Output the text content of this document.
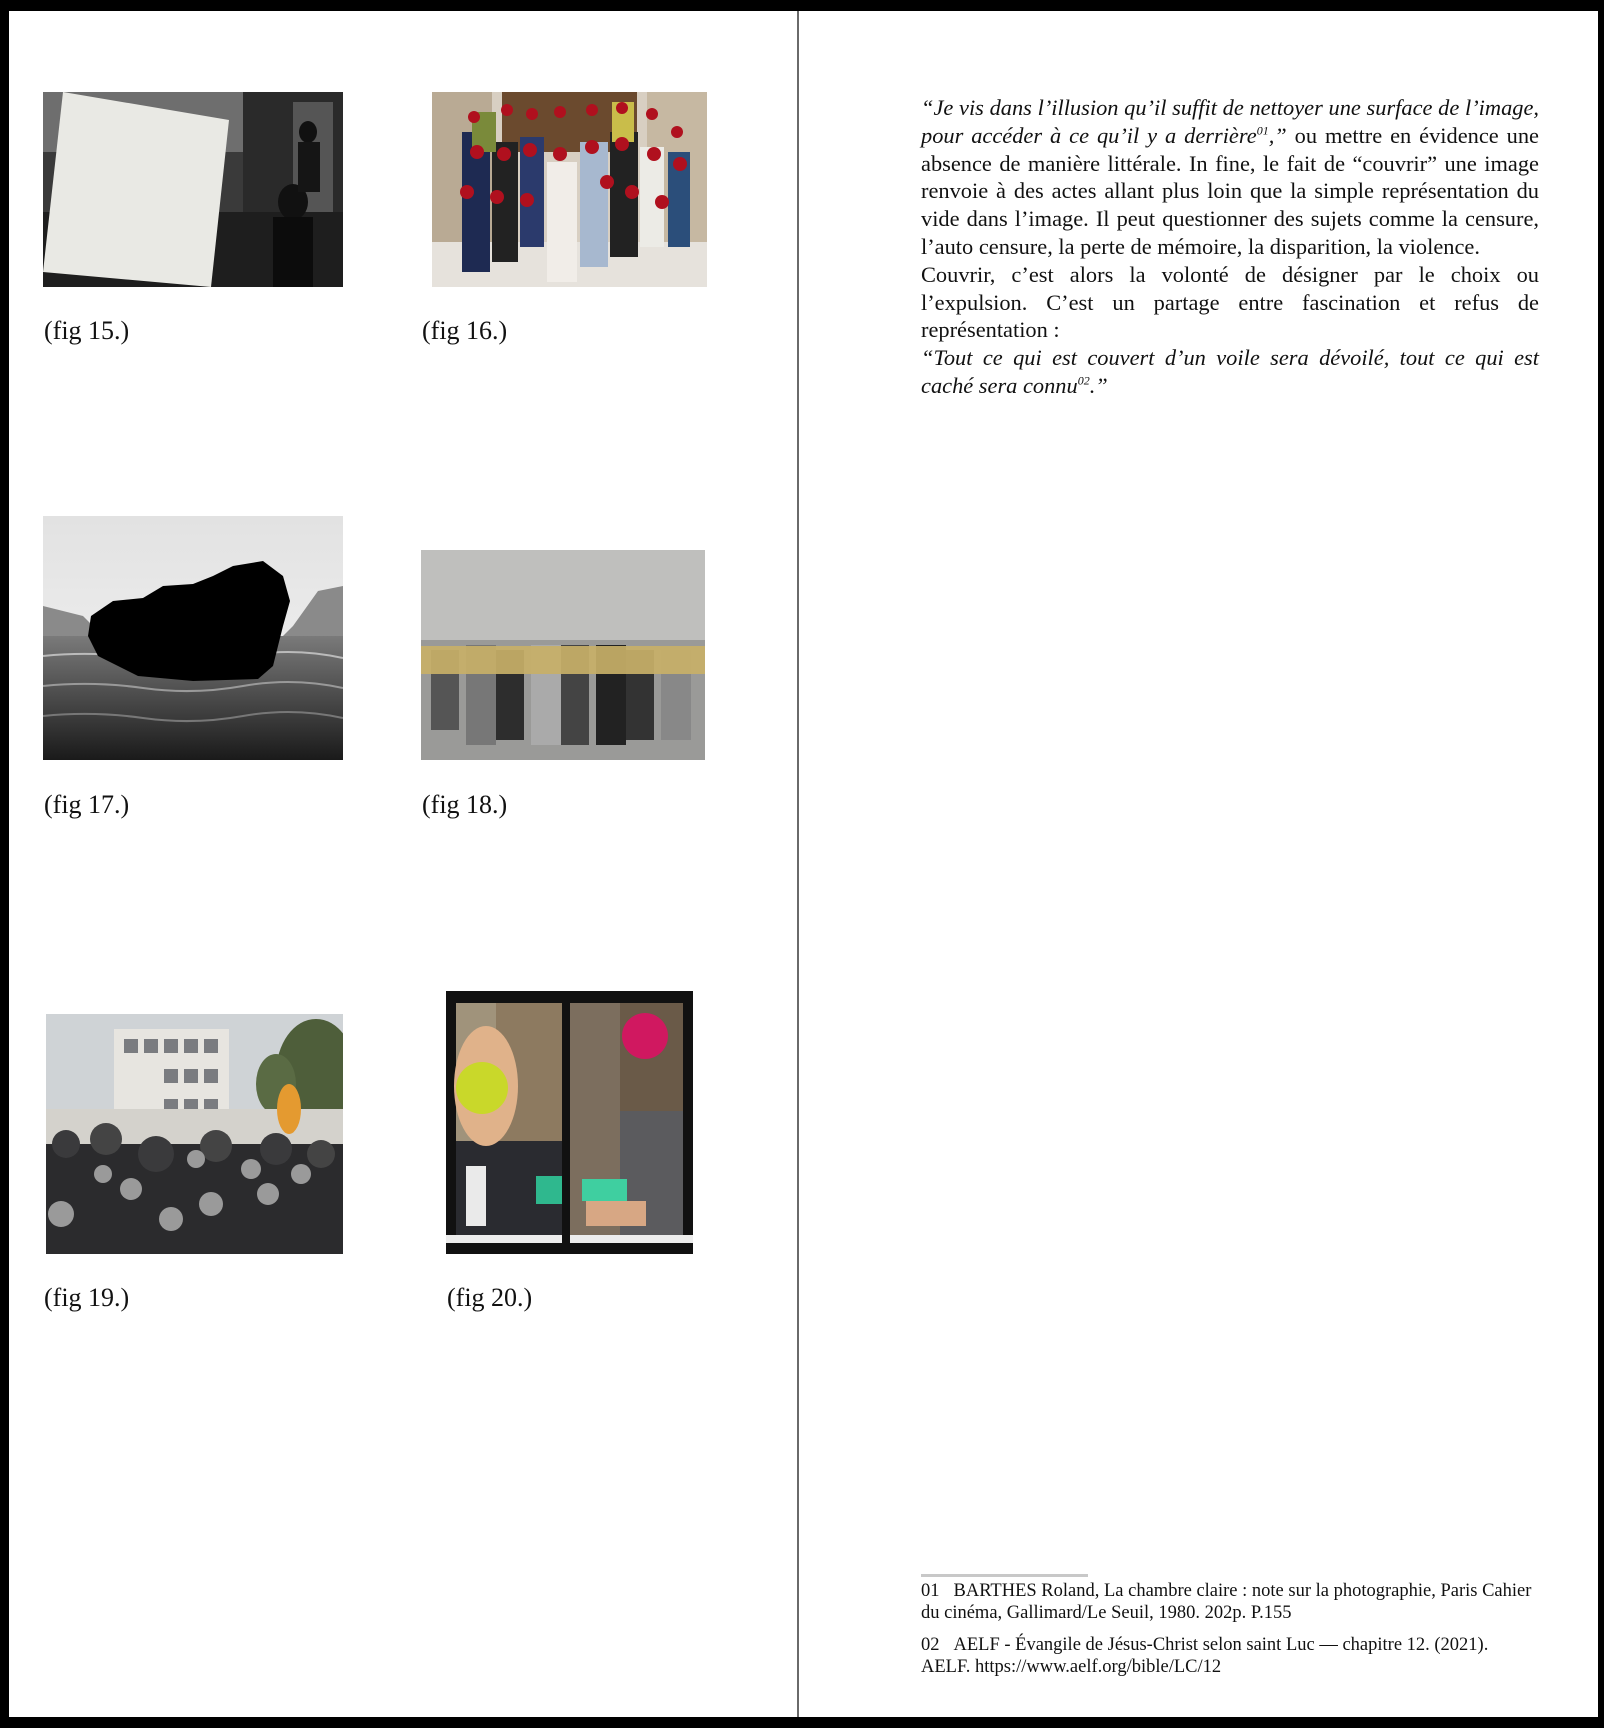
(fig 15.)	(fig 16.)
(fig 17.)	(fig 18.)
(fig 19.)	(fig 20.)

“Je vis dans l’illusion qu’il suffit de nettoyer une surface de l’image, pour accéder à ce qu’il y a derrière$^{01}$,” ou mettre en évidence une absence de manière littérale. In fine, le fait de “couvrir” une image renvoie à des actes allant plus loin que la simple représentation du vide dans l’image. Il peut questionner des sujets comme la censure, l’auto censure, la perte de mémoire, la disparition, la violence.

Couvrir, c’est alors la volonté de désigner par le choix ou l’expulsion. C’est un partage entre fascination et refus de représentation :

“Tout ce qui est couvert d’un voile sera dévoilé, tout ce qui est caché sera connu$^{02}$.”

01 BARTHES Roland, La chambre claire : note sur la photographie, Paris Cahier du cinéma, Gallimard/Le Seuil, 1980. 202p. P.155
02 AELF - Évangile de Jésus-Christ selon saint Luc — chapitre 12. (2021). AELF. https://www.aelf.org/bible/LC/12
